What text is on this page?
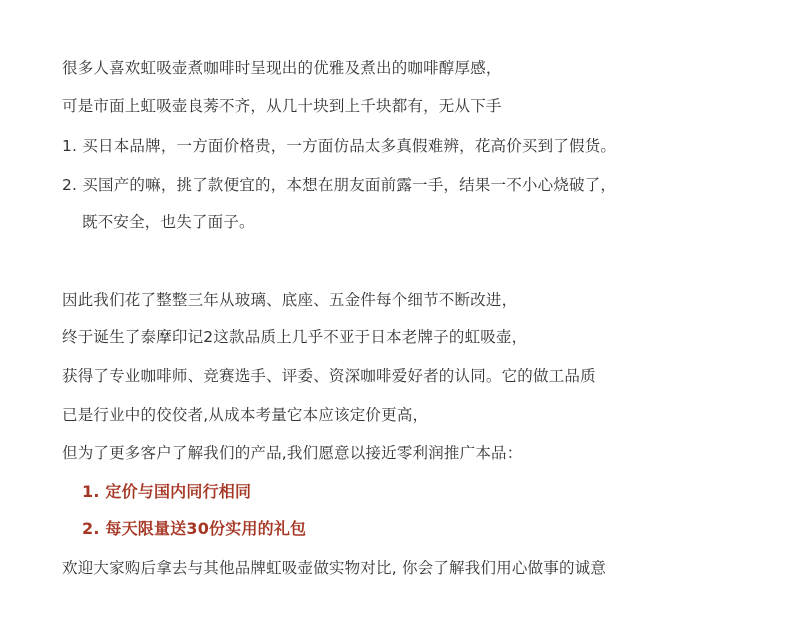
很多人喜欢虹吸壶煮咖啡时呈现出的优雅及煮出的咖啡醇厚感，
可是市面上虹吸壶良莠不齐，从几十块到上千块都有，无从下手
1. 买日本品牌，一方面价格贵，一方面仿品太多真假难辨，花高价买到了假货。
2. 买国产的嘛，挑了款便宜的，本想在朋友面前露一手，结果一不小心烧破了，
既不安全，也失了面子。
因此我们花了整整三年从玻璃、底座、五金件每个细节不断改进，
终于诞生了泰摩印记2这款品质上几乎不亚于日本老牌子的虹吸壶，
获得了专业咖啡师、竞赛选手、评委、资深咖啡爱好者的认同。它的做工品质
已是行业中的佼佼者,从成本考量它本应该定价更高，
但为了更多客户了解我们的产品,我们愿意以接近零利润推广本品：
1. 定价与国内同行相同
2. 每天限量送30份实用的礼包
欢迎大家购后拿去与其他品牌虹吸壶做实物对比, 你会了解我们用心做事的诚意
